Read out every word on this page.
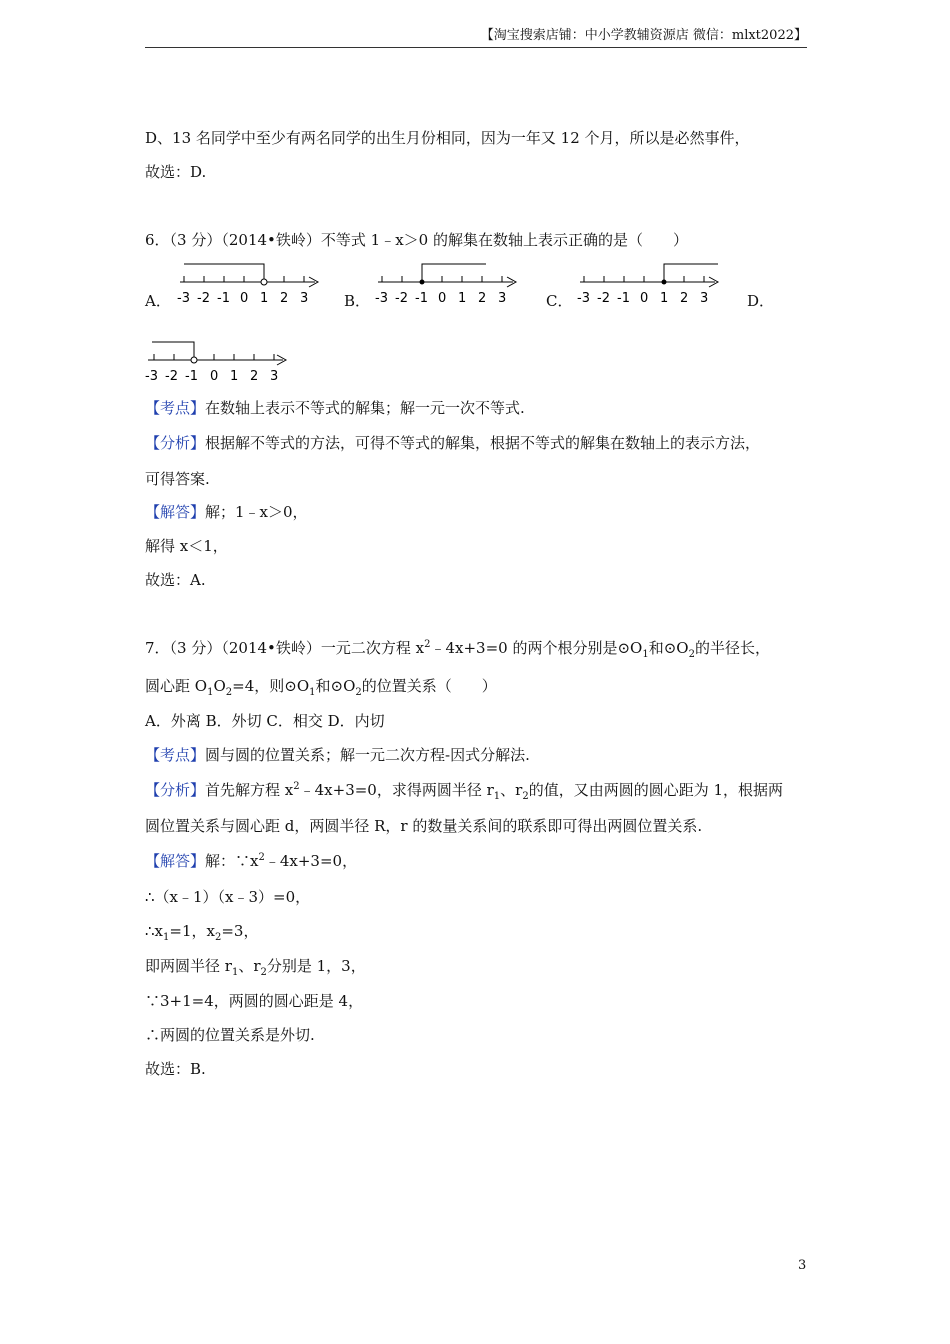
【淘宝搜索店铺：中小学教辅资源店 微信：mlxt2022】
D、13 名同学中至少有两名同学的出生月份相同，因为一年又 12 个月，所以是必然事件，
故选：D.
6．（3 分）（2014•铁岭）不等式 1﹣x＞0 的解集在数轴上表示正确的是（　　）
A． -3 -2 -1 0 1 2 3 B． -3 -2 -1 0 1 2 3	C． -3 -2 -1 0 1 2 3	D．
-3 -2 -1 0 1 2 3
【考点】在数轴上表示不等式的解集；解一元一次不等式.
【分析】根据解不等式的方法，可得不等式的解集，根据不等式的解集在数轴上的表示方法，
可得答案.
【解答】解；1﹣x＞0，
解得 x＜1，
故选：A.
7．（3 分）（2014•铁岭）一元二次方程 $x^2﹣4x+3=0$ 的两个根分别是$⊙O_1$和$⊙O_2$的半径长，
圆心距 $O_1O_2=4$，则$⊙O_1$和$⊙O_2$的位置关系（　　）
A．外离 B．外切 C．相交 D．内切
【考点】圆与圆的位置关系；解一元二次方程-因式分解法.
【分析】首先解方程 $x^2﹣4x+3=0$，求得两圆半径 $r_1$、$r_2$的值，又由两圆的圆心距为 1，根据两
圆位置关系与圆心距 d，两圆半径 R，r 的数量关系间的联系即可得出两圆位置关系.
【解答】解：$\because x^2﹣4x+3=0$，
∴（x﹣1）（x﹣3）=0，
$\therefore x_1=1$，$x_2=3$，
即两圆半径 $r_1$、$r_2$分别是 1，3，
∵3+1=4，两圆的圆心距是 4，
∴两圆的位置关系是外切.
故选：B.
3
